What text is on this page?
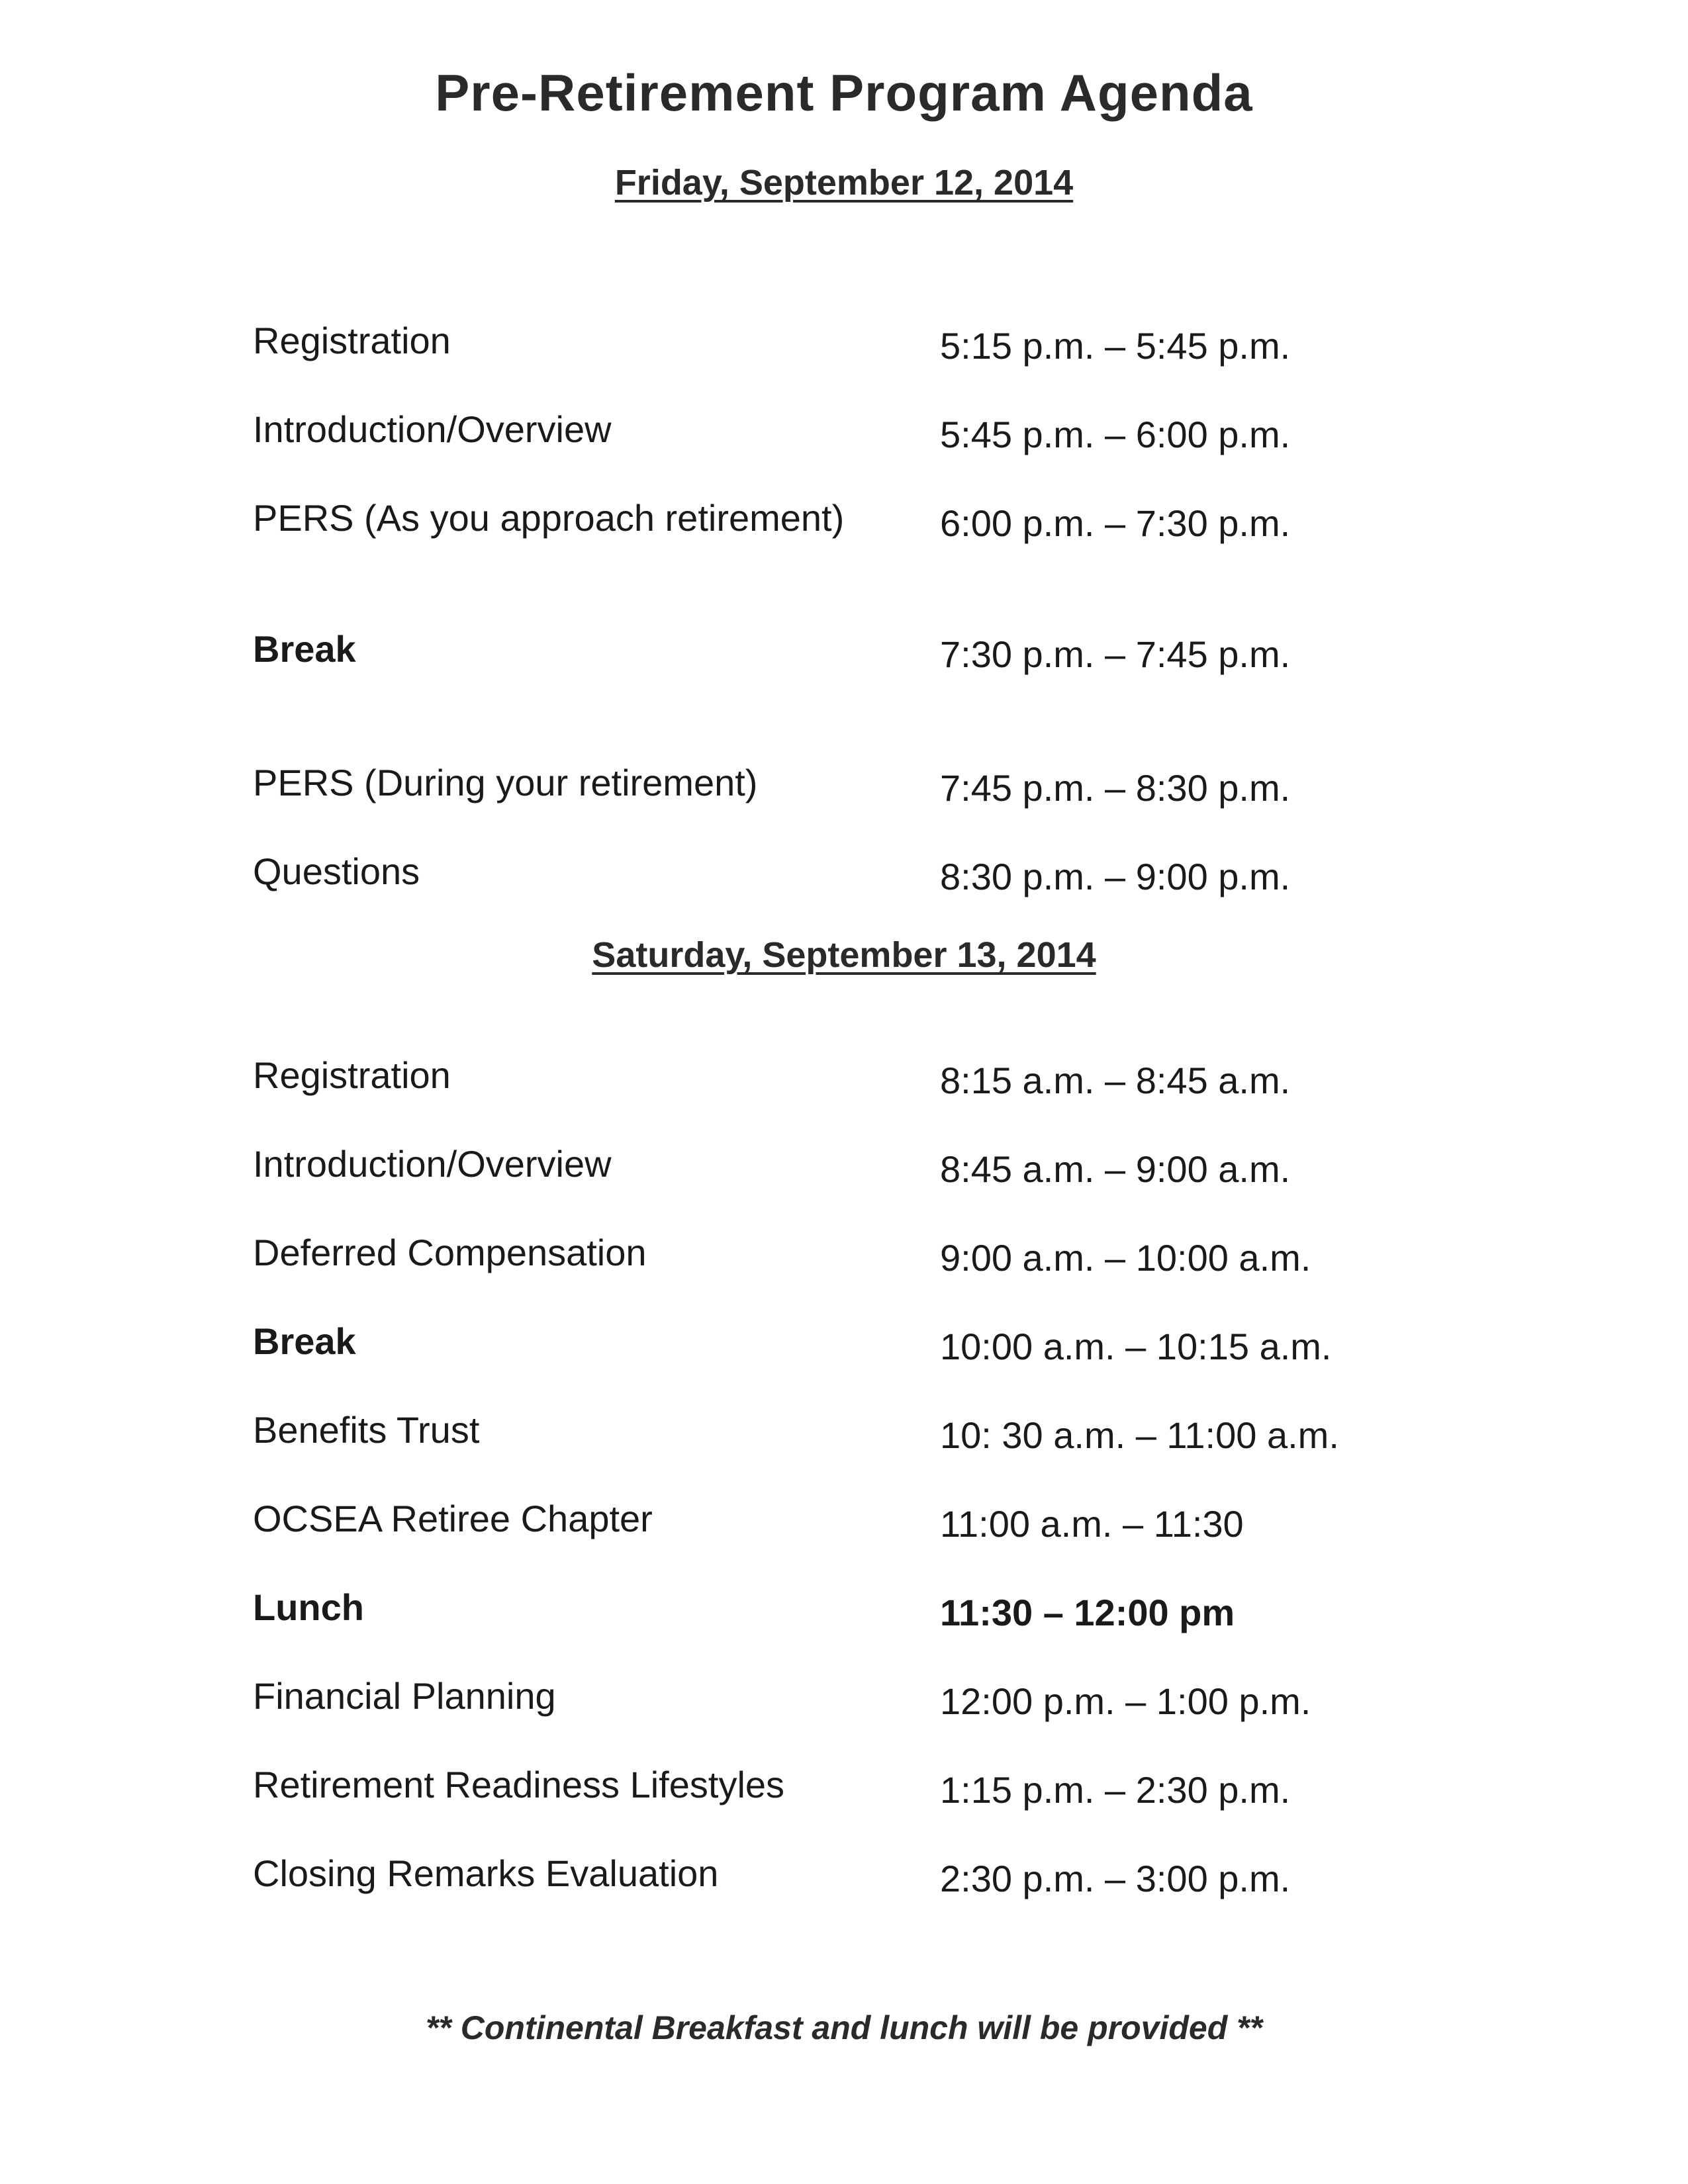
Pre-Retirement Program Agenda
Friday, September 12, 2014
Registration	5:15 p.m. – 5:45 p.m.
Introduction/Overview	5:45 p.m. – 6:00 p.m.
PERS (As you approach retirement)	6:00 p.m. – 7:30 p.m.
Break	7:30 p.m. – 7:45 p.m.
PERS (During your retirement)	7:45 p.m. – 8:30 p.m.
Questions	8:30 p.m. – 9:00 p.m.
Saturday, September 13, 2014
Registration	8:15 a.m. – 8:45 a.m.
Introduction/Overview	8:45 a.m. – 9:00 a.m.
Deferred Compensation	9:00 a.m. – 10:00 a.m.
Break	10:00 a.m. – 10:15 a.m.
Benefits Trust	10: 30 a.m. – 11:00 a.m.
OCSEA Retiree Chapter	11:00 a.m. – 11:30
Lunch	11:30 – 12:00 pm
Financial Planning	12:00 p.m. – 1:00 p.m.
Retirement Readiness Lifestyles	1:15 p.m. – 2:30 p.m.
Closing Remarks Evaluation	2:30 p.m. – 3:00 p.m.
** Continental Breakfast and lunch will be provided **
